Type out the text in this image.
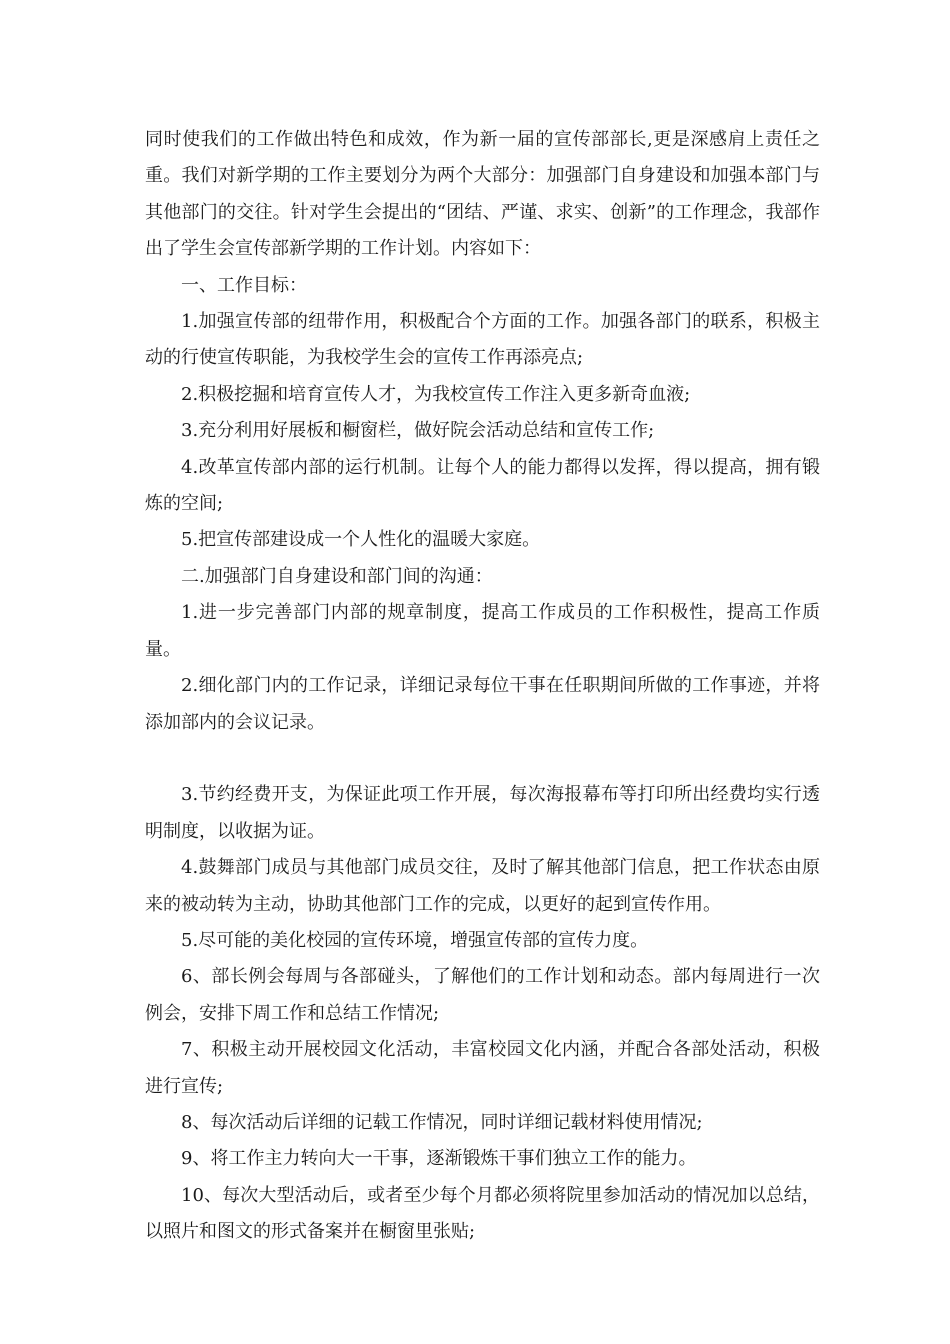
同时使我们的工作做出特色和成效，作为新一届的宣传部部长,更是深感肩上责任之重。我们对新学期的工作主要划分为两个大部分：加强部门自身建设和加强本部门与其他部门的交往。针对学生会提出的“团结、严谨、求实、创新”的工作理念，我部作出了学生会宣传部新学期的工作计划。内容如下：

一、工作目标：

1.加强宣传部的纽带作用，积极配合个方面的工作。加强各部门的联系，积极主动的行使宣传职能，为我校学生会的宣传工作再添亮点;

2.积极挖掘和培育宣传人才，为我校宣传工作注入更多新奇血液;

3.充分利用好展板和橱窗栏，做好院会活动总结和宣传工作;

4.改革宣传部内部的运行机制。让每个人的能力都得以发挥，得以提高，拥有锻炼的空间;

5.把宣传部建设成一个人性化的温暖大家庭。

二.加强部门自身建设和部门间的沟通：

1.进一步完善部门内部的规章制度，提高工作成员的工作积极性，提高工作质量。

2.细化部门内的工作记录，详细记录每位干事在任职期间所做的工作事迹，并将添加部内的会议记录。

3.节约经费开支，为保证此项工作开展，每次海报幕布等打印所出经费均实行透明制度，以收据为证。

4.鼓舞部门成员与其他部门成员交往，及时了解其他部门信息，把工作状态由原来的被动转为主动，协助其他部门工作的完成，以更好的起到宣传作用。

5.尽可能的美化校园的宣传环境，增强宣传部的宣传力度。

6、部长例会每周与各部碰头，了解他们的工作计划和动态。部内每周进行一次例会，安排下周工作和总结工作情况;

7、积极主动开展校园文化活动，丰富校园文化内涵，并配合各部处活动，积极进行宣传;

8、每次活动后详细的记载工作情况，同时详细记载材料使用情况;

9、将工作主力转向大一干事，逐渐锻炼干事们独立工作的能力。

10、每次大型活动后，或者至少每个月都必须将院里参加活动的情况加以总结，以照片和图文的形式备案并在橱窗里张贴;
